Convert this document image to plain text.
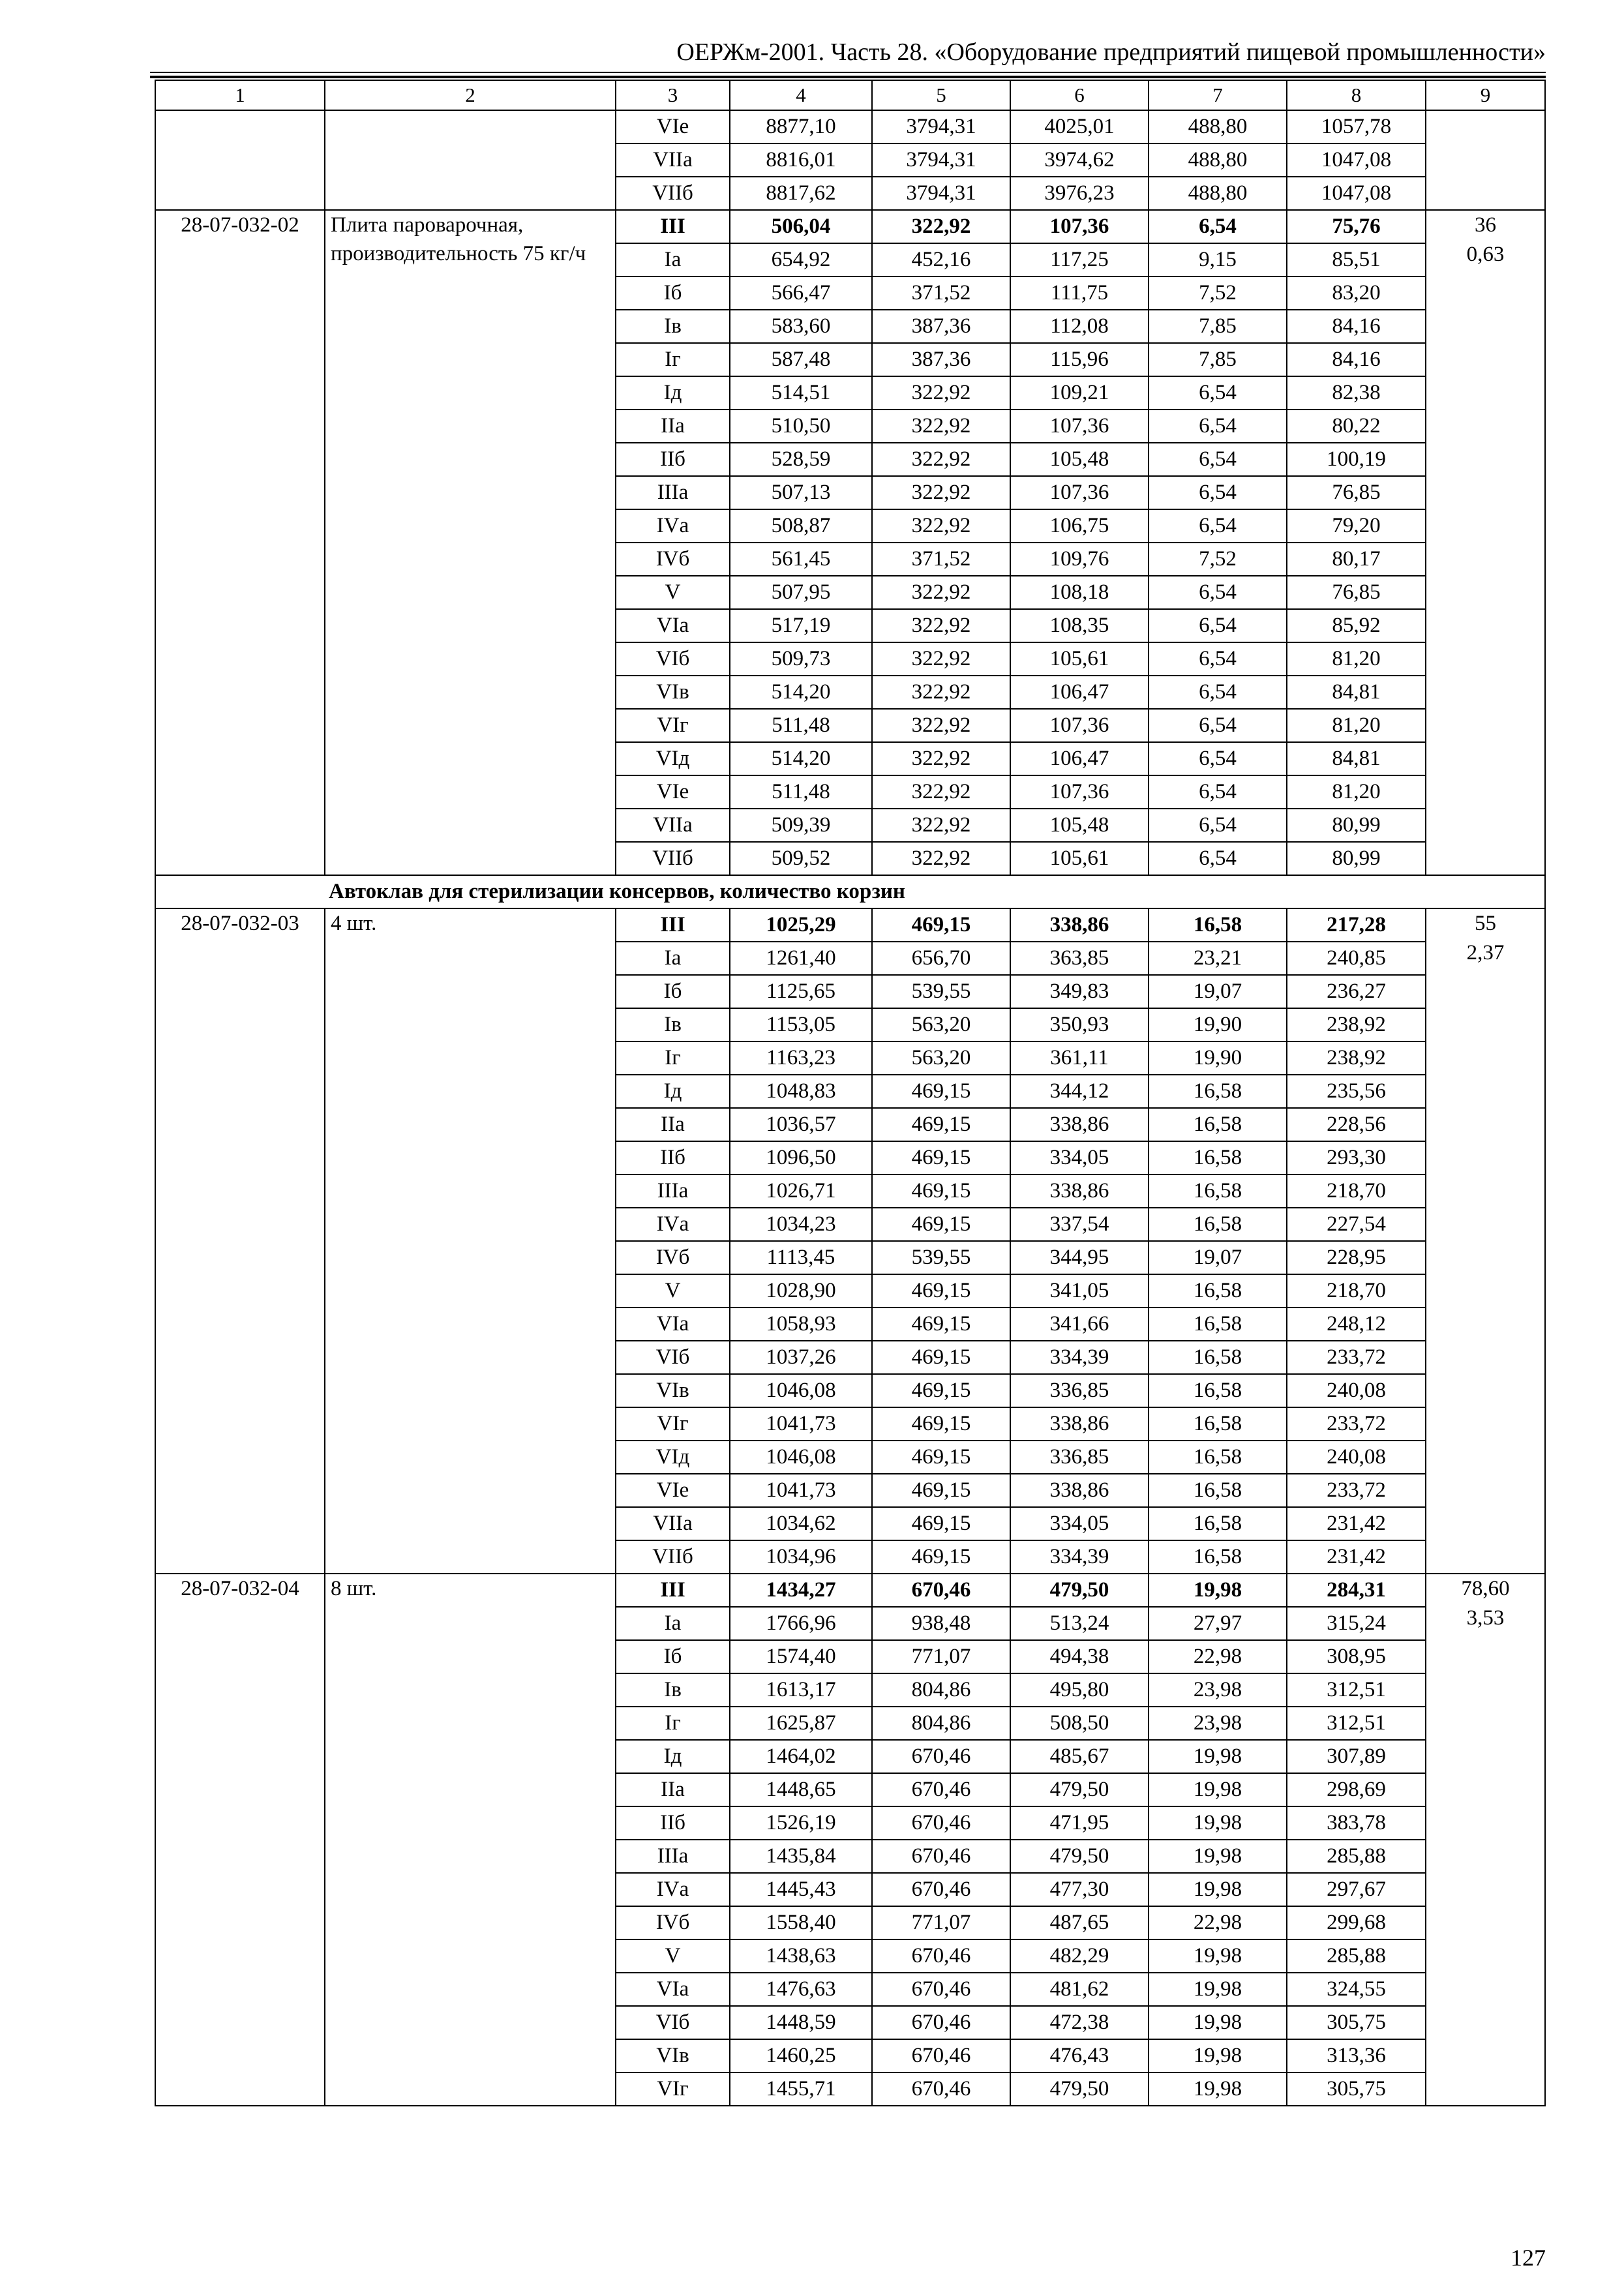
ОЕРЖм-2001. Часть 28. «Оборудование предприятий пищевой промышленности»
1	2	3	4	5	6	7	8	9
		VIе	8877,10	3794,31	4025,01	488,80	1057,78	
		VIIа	8816,01	3794,31	3974,62	488,80	1047,08	
		VIIб	8817,62	3794,31	3976,23	488,80	1047,08	
28-07-032-02	Плита пароварочная, производительность 75 кг/ч	III	506,04	322,92	107,36	6,54	75,76	36
0,63

		Iа	654,92	452,16	117,25	9,15	85,51	
		Iб	566,47	371,52	111,75	7,52	83,20	
		Iв	583,60	387,36	112,08	7,85	84,16	
		Iг	587,48	387,36	115,96	7,85	84,16	
		Iд	514,51	322,92	109,21	6,54	82,38	
		IIа	510,50	322,92	107,36	6,54	80,22	
		IIб	528,59	322,92	105,48	6,54	100,19	
		IIIа	507,13	322,92	107,36	6,54	76,85	
		IVа	508,87	322,92	106,75	6,54	79,20	
		IVб	561,45	371,52	109,76	7,52	80,17	
		V	507,95	322,92	108,18	6,54	76,85	
		VIа	517,19	322,92	108,35	6,54	85,92	
		VIб	509,73	322,92	105,61	6,54	81,20	
		VIв	514,20	322,92	106,47	6,54	84,81	
		VIг	511,48	322,92	107,36	6,54	81,20	
		VIд	514,20	322,92	106,47	6,54	84,81	
		VIе	511,48	322,92	107,36	6,54	81,20	
		VIIа	509,39	322,92	105,48	6,54	80,99	
		VIIб	509,52	322,92	105,61	6,54	80,99	
	Автоклав для стерилизации консервов, количество корзин							
28-07-032-03	4 шт.	III	1025,29	469,15	338,86	16,58	217,28	55
2,37

		Iа	1261,40	656,70	363,85	23,21	240,85	
		Iб	1125,65	539,55	349,83	19,07	236,27	
		Iв	1153,05	563,20	350,93	19,90	238,92	
		Iг	1163,23	563,20	361,11	19,90	238,92	
		Iд	1048,83	469,15	344,12	16,58	235,56	
		IIа	1036,57	469,15	338,86	16,58	228,56	
		IIб	1096,50	469,15	334,05	16,58	293,30	
		IIIа	1026,71	469,15	338,86	16,58	218,70	
		IVа	1034,23	469,15	337,54	16,58	227,54	
		IVб	1113,45	539,55	344,95	19,07	228,95	
		V	1028,90	469,15	341,05	16,58	218,70	
		VIа	1058,93	469,15	341,66	16,58	248,12	
		VIб	1037,26	469,15	334,39	16,58	233,72	
		VIв	1046,08	469,15	336,85	16,58	240,08	
		VIг	1041,73	469,15	338,86	16,58	233,72	
		VIд	1046,08	469,15	336,85	16,58	240,08	
		VIе	1041,73	469,15	338,86	16,58	233,72	
		VIIа	1034,62	469,15	334,05	16,58	231,42	
		VIIб	1034,96	469,15	334,39	16,58	231,42	
28-07-032-04	8 шт.	III	1434,27	670,46	479,50	19,98	284,31	78,60
3,53

		Iа	1766,96	938,48	513,24	27,97	315,24	
		Iб	1574,40	771,07	494,38	22,98	308,95	
		Iв	1613,17	804,86	495,80	23,98	312,51	
		Iг	1625,87	804,86	508,50	23,98	312,51	
		Iд	1464,02	670,46	485,67	19,98	307,89	
		IIа	1448,65	670,46	479,50	19,98	298,69	
		IIб	1526,19	670,46	471,95	19,98	383,78	
		IIIа	1435,84	670,46	479,50	19,98	285,88	
		IVа	1445,43	670,46	477,30	19,98	297,67	
		IVб	1558,40	771,07	487,65	22,98	299,68	
		V	1438,63	670,46	482,29	19,98	285,88	
		VIа	1476,63	670,46	481,62	19,98	324,55	
		VIб	1448,59	670,46	472,38	19,98	305,75	
		VIв	1460,25	670,46	476,43	19,98	313,36	
		VIг	1455,71	670,46	479,50	19,98	305,75	
127
